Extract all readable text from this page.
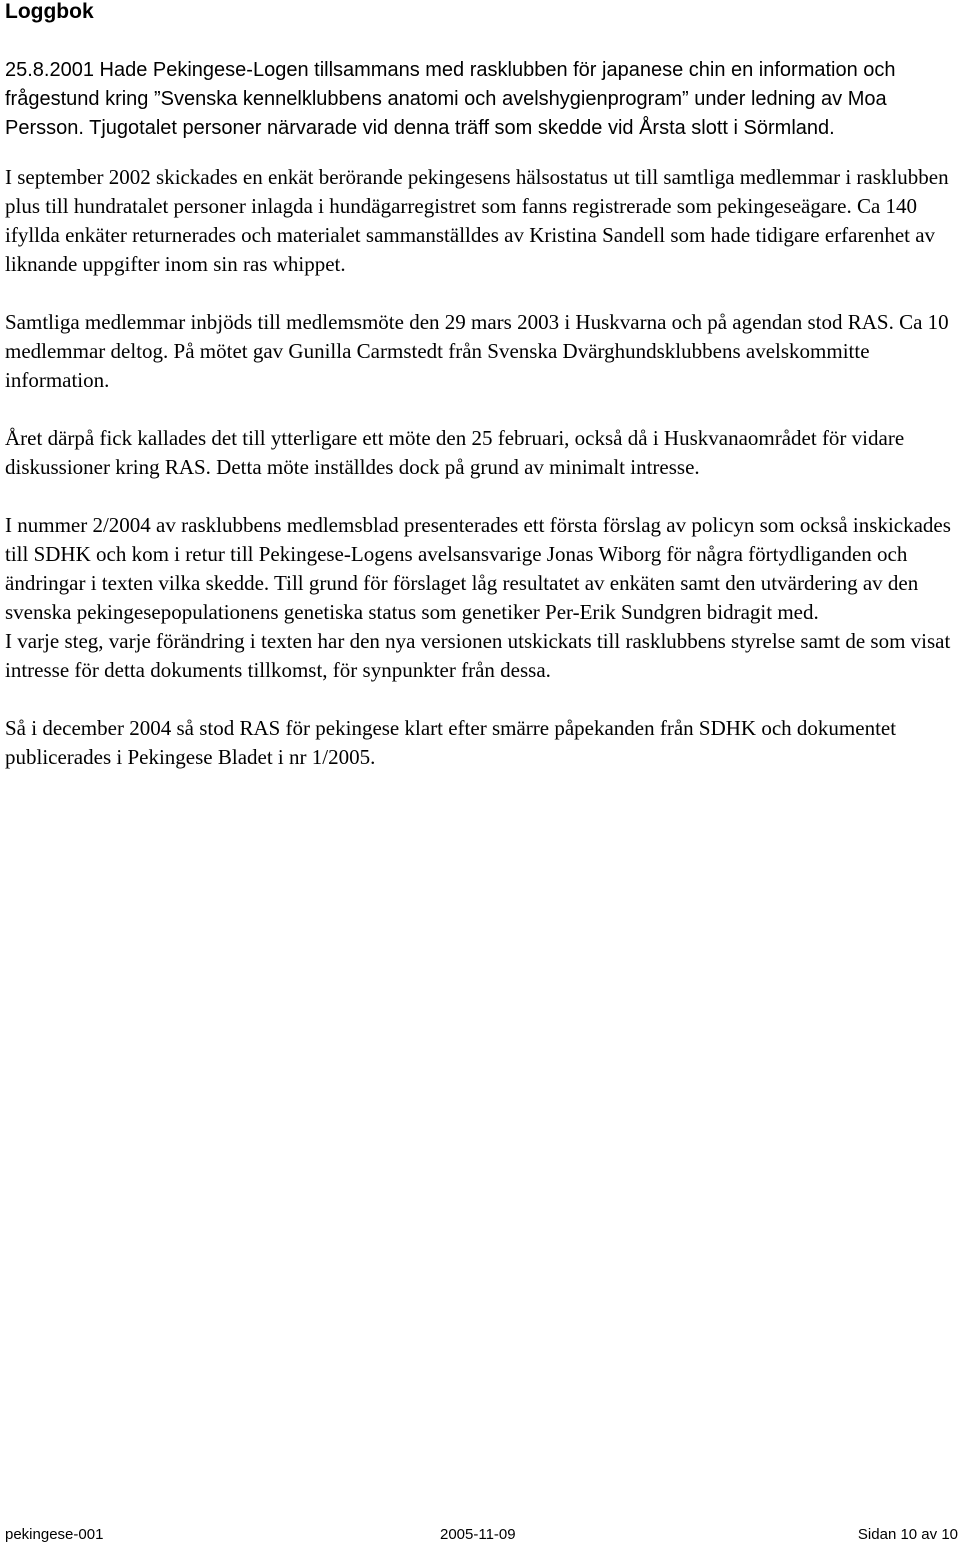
Loggbok

25.8.2001 Hade Pekingese-Logen tillsammans med rasklubben för japanese chin en information och frågestund kring ”Svenska kennelklubbens anatomi och avelshygienprogram” under ledning av Moa Persson. Tjugotalet personer närvarade vid denna träff som skedde vid Årsta slott i Sörmland.

I september 2002 skickades en enkät berörande pekingesens hälsostatus ut till samtliga medlemmar i rasklubben plus till hundratalet personer inlagda i hundägarregistret som fanns registrerade som pekingeseägare. Ca 140 ifyllda enkäter returnerades och materialet sammanställdes av Kristina Sandell som hade tidigare erfarenhet av liknande uppgifter inom sin ras whippet.

Samtliga medlemmar inbjöds till medlemsmöte den 29 mars 2003 i Huskvarna och på agendan stod RAS. Ca 10 medlemmar deltog. På mötet gav Gunilla Carmstedt från Svenska Dvärghundsklubbens avelskommitte information.

Året därpå fick kallades det till ytterligare ett möte den 25 februari, också då i Huskvanaområdet för vidare diskussioner kring RAS. Detta möte inställdes dock på grund av minimalt intresse.

I nummer 2/2004 av rasklubbens medlemsblad presenterades ett första förslag av policyn som också inskickades till SDHK och kom i retur till Pekingese-Logens avelsansvarige Jonas Wiborg för några förtydliganden och ändringar i texten vilka skedde. Till grund för förslaget låg resultatet av enkäten samt den utvärdering av den svenska pekingesepopulationens genetiska status som genetiker Per-Erik Sundgren bidragit med.

I varje steg, varje förändring i texten har den nya versionen utskickats till rasklubbens styrelse samt de som visat intresse för detta dokuments tillkomst, för synpunkter från dessa.

Så i december 2004 så stod RAS för pekingese klart efter smärre påpekanden från SDHK och dokumentet publicerades i Pekingese Bladet i nr 1/2005.

pekingese-001	2005-11-09	Sidan 10 av 10
